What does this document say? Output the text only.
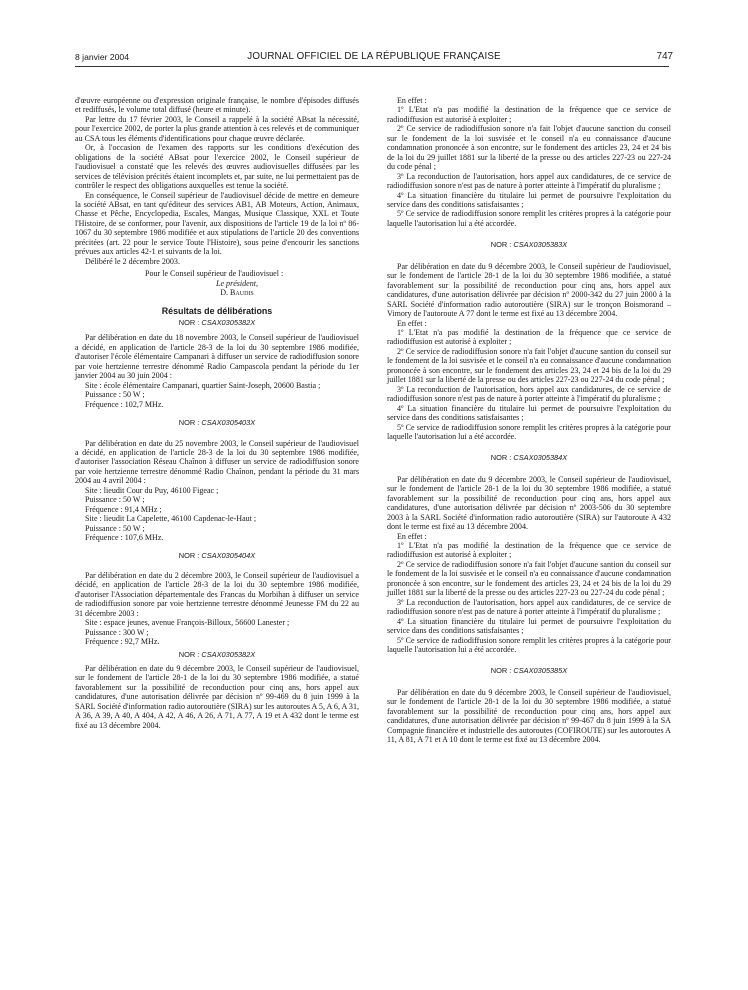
8 janvier 2004	JOURNAL OFFICIEL DE LA RÉPUBLIQUE FRANÇAISE	747

d'œuvre européenne ou d'expression originale française, le nombre d'épisodes diffusés et rediffusés, le volume total diffusé (heure et minute).

Par lettre du 17 février 2003, le Conseil a rappelé à la société ABsat la nécessité, pour l'exercice 2002, de porter la plus grande attention à ces relevés et de communiquer au CSA tous les éléments d'identifications pour chaque œuvre déclarée.

Or, à l'occasion de l'examen des rapports sur les conditions d'exécution des obligations de la société ABsat pour l'exercice 2002, le Conseil supérieur de l'audiovisuel a constaté que les relevés des œuvres audiovisuelles diffusées par les services de télévision précités étaient incomplets et, par suite, ne lui permettaient pas de contrôler le respect des obligations auxquelles est tenue la société.

En conséquence, le Conseil supérieur de l'audiovisuel décide de mettre en demeure la société ABsat, en tant qu'éditeur des services AB1, AB Moteurs, Action, Animaux, Chasse et Pêche, Encyclopedia, Escales, Mangas, Musique Classique, XXL et Toute l'Histoire, de se conformer, pour l'avenir, aux dispositions de l'article 19 de la loi nº 86-1067 du 30 septembre 1986 modifiée et aux stipulations de l'article 20 des conventions précitées (art. 22 pour le service Toute l'Histoire), sous peine d'encourir les sanctions prévues aux articles 42-1 et suivants de la loi.

Délibéré le 2 décembre 2003.

Pour le Conseil supérieur de l'audiovisuel :

Le président,

D. Baudis

Résultats de délibérations

NOR : CSAX0305382X

Par délibération en date du 18 novembre 2003, le Conseil supérieur de l'audiovisuel a décidé, en application de l'article 28-3 de la loi du 30 septembre 1986 modifiée, d'autoriser l'école élémentaire Campanari à diffuser un service de radiodiffusion sonore par voie hertzienne terrestre dénommé Radio Campascola pendant la période du 1er janvier 2004 au 30 juin 2004 :

Site : école élémentaire Campanari, quartier Saint-Joseph, 20600 Bastia ;

Puissance : 50 W ;

Fréquence : 102,7 MHz.

NOR : CSAX0305403X

Par délibération en date du 25 novembre 2003, le Conseil supérieur de l'audiovisuel a décidé, en application de l'article 28-3 de la loi du 30 septembre 1986 modifiée, d'autoriser l'association Réseau Chaînon à diffuser un service de radiodiffusion sonore par voie hertzienne terrestre dénommé Radio Chaînon, pendant la période du 31 mars 2004 au 4 avril 2004 :

Site : lieudit Cour du Puy, 46100 Figeac ;

Puissance : 50 W ;

Fréquence : 91,4 MHz ;

Site : lieudit La Capelette, 46100 Capdenac-le-Haut ;

Puissance : 50 W ;

Fréquence : 107,6 MHz.

NOR : CSAX0305404X

Par délibération en date du 2 décembre 2003, le Conseil supérieur de l'audiovisuel a décidé, en application de l'article 28-3 de la loi du 30 septembre 1986 modifiée, d'autoriser l'Association départementale des Francas du Morbihan à diffuser un service de radiodiffusion sonore par voie hertzienne terrestre dénommé Jeunesse FM du 22 au 31 décembre 2003 :

Site : espace jeunes, avenue François-Billoux, 56600 Lanester ;

Puissance : 300 W ;

Fréquence : 92,7 MHz.

NOR : CSAX0305382X

Par délibération en date du 9 décembre 2003, le Conseil supérieur de l'audiovisuel, sur le fondement de l'article 28-1 de la loi du 30 septembre 1986 modifiée, a statué favorablement sur la possibilité de reconduction pour cinq ans, hors appel aux candidatures, d'une autorisation délivrée par décision nº 99-469 du 8 juin 1999 à la SARL Société d'information radio autoroutière (SIRA) sur les autoroutes A 5, A 6, A 31, A 36, A 39, A 40, A 404, A 42, A 46, A 26, A 71, A 77, A 19 et A 432 dont le terme est fixé au 13 décembre 2004.

En effet :

1º L'Etat n'a pas modifié la destination de la fréquence que ce service de radiodiffusion est autorisé à exploiter ;

2º Ce service de radiodiffusion sonore n'a fait l'objet d'aucune sanction du conseil sur le fondement de la loi susvisée et le conseil n'a eu connaissance d'aucune condamnation prononcée à son encontre, sur le fondement des articles 23, 24 et 24 bis de la loi du 29 juillet 1881 sur la liberté de la presse ou des articles 227-23 ou 227-24 du code pénal ;

3º La reconduction de l'autorisation, hors appel aux candidatures, de ce service de radiodiffusion sonore n'est pas de nature à porter atteinte à l'impératif du pluralisme ;

4º La situation financière du titulaire lui permet de poursuivre l'exploitation du service dans des conditions satisfaisantes ;

5º Ce service de radiodiffusion sonore remplit les critères propres à la catégorie pour laquelle l'autorisation lui a été accordée.

NOR : CSAX0305383X

Par délibération en date du 9 décembre 2003, le Conseil supérieur de l'audiovisuel, sur le fondement de l'article 28-1 de la loi du 30 septembre 1986 modifiée, a statué favorablement sur la possibilité de reconduction pour cinq ans, hors appel aux candidatures, d'une autorisation délivrée par décision nº 2000-342 du 27 juin 2000 à la SARL Société d'information radio autoroutière (SIRA) sur le tronçon Boismorand – Vimory de l'autoroute A 77 dont le terme est fixé au 13 décembre 2004.

En effet :

1º L'Etat n'a pas modifié la destination de la fréquence que ce service de radiodiffusion est autorisé à exploiter ;

2º Ce service de radiodiffusion sonore n'a fait l'objet d'aucune santion du conseil sur le fondement de la loi susvisée et le conseil n'a eu connaissance d'aucune condamnation prononcée à son encontre, sur le fondement des articles 23, 24 et 24 bis de la loi du 29 juillet 1881 sur la liberté de la presse ou des articles 227-23 ou 227-24 du code pénal ;

3º La reconduction de l'autorisation, hors appel aux candidatures, de ce service de radiodiffusion sonore n'est pas de nature à porter atteinte à l'impératif du pluralisme ;

4º La situation financière du titulaire lui permet de poursuivre l'exploitation du service dans des conditions satisfaisantes ;

5º Ce service de radiodiffusion sonore remplit les critères propres à la catégorie pour laquelle l'autorisation lui a été accordée.

NOR : CSAX0305384X

Par délibération en date du 9 décembre 2003, le Conseil supérieur de l'audiovisuel, sur le fondement de l'article 28-1 de la loi du 30 septembre 1986 modifiée, a statué favorablement sur la possibilité de reconduction pour cinq ans, hors appel aux candidatures, d'une autorisation délivrée par décision nº 2003-506 du 30 septembre 2003 à la SARL Société d'information radio autoroutière (SIRA) sur l'autoroute A 432 dont le terme est fixé au 13 décembre 2004.

En effet :

1º L'Etat n'a pas modifié la destination de la fréquence que ce service de radiodiffusion est autorisé à exploiter ;

2º Ce service de radiodiffusion sonore n'a fait l'objet d'aucune santion du conseil sur le fondement de la loi susvisée et le conseil n'a eu connaissance d'aucune condamnation prononcée à son encontre, sur le fondement des articles 23, 24 et 24 bis de la loi du 29 juillet 1881 sur la liberté de la presse ou des articles 227-23 ou 227-24 du code pénal ;

3º La reconduction de l'autorisation, hors appel aux candidatures, de ce service de radiodiffusion sonore n'est pas de nature à porter atteinte à l'impératif du pluralisme ;

4º La situation financière du titulaire lui permet de poursuivre l'exploitation du service dans des conditions satisfaisantes ;

5º Ce service de radiodiffusion sonore remplit les critères propres à la catégorie pour laquelle l'autorisation lui a été accordée.

NOR : CSAX0305385X

Par délibération en date du 9 décembre 2003, le Conseil supérieur de l'audiovisuel, sur le fondement de l'article 28-1 de la loi du 30 septembre 1986 modifiée, a statué favorablement sur la possibilité de reconduction pour cinq ans, hors appel aux candidatures, d'une autorisation délivrée par décision nº 99-467 du 8 juin 1999 à la SA Compagnie financière et industrielle des autoroutes (COFIROUTE) sur les autoroutes A 11, A 81, A 71 et A 10 dont le terme est fixé au 13 décembre 2004.
